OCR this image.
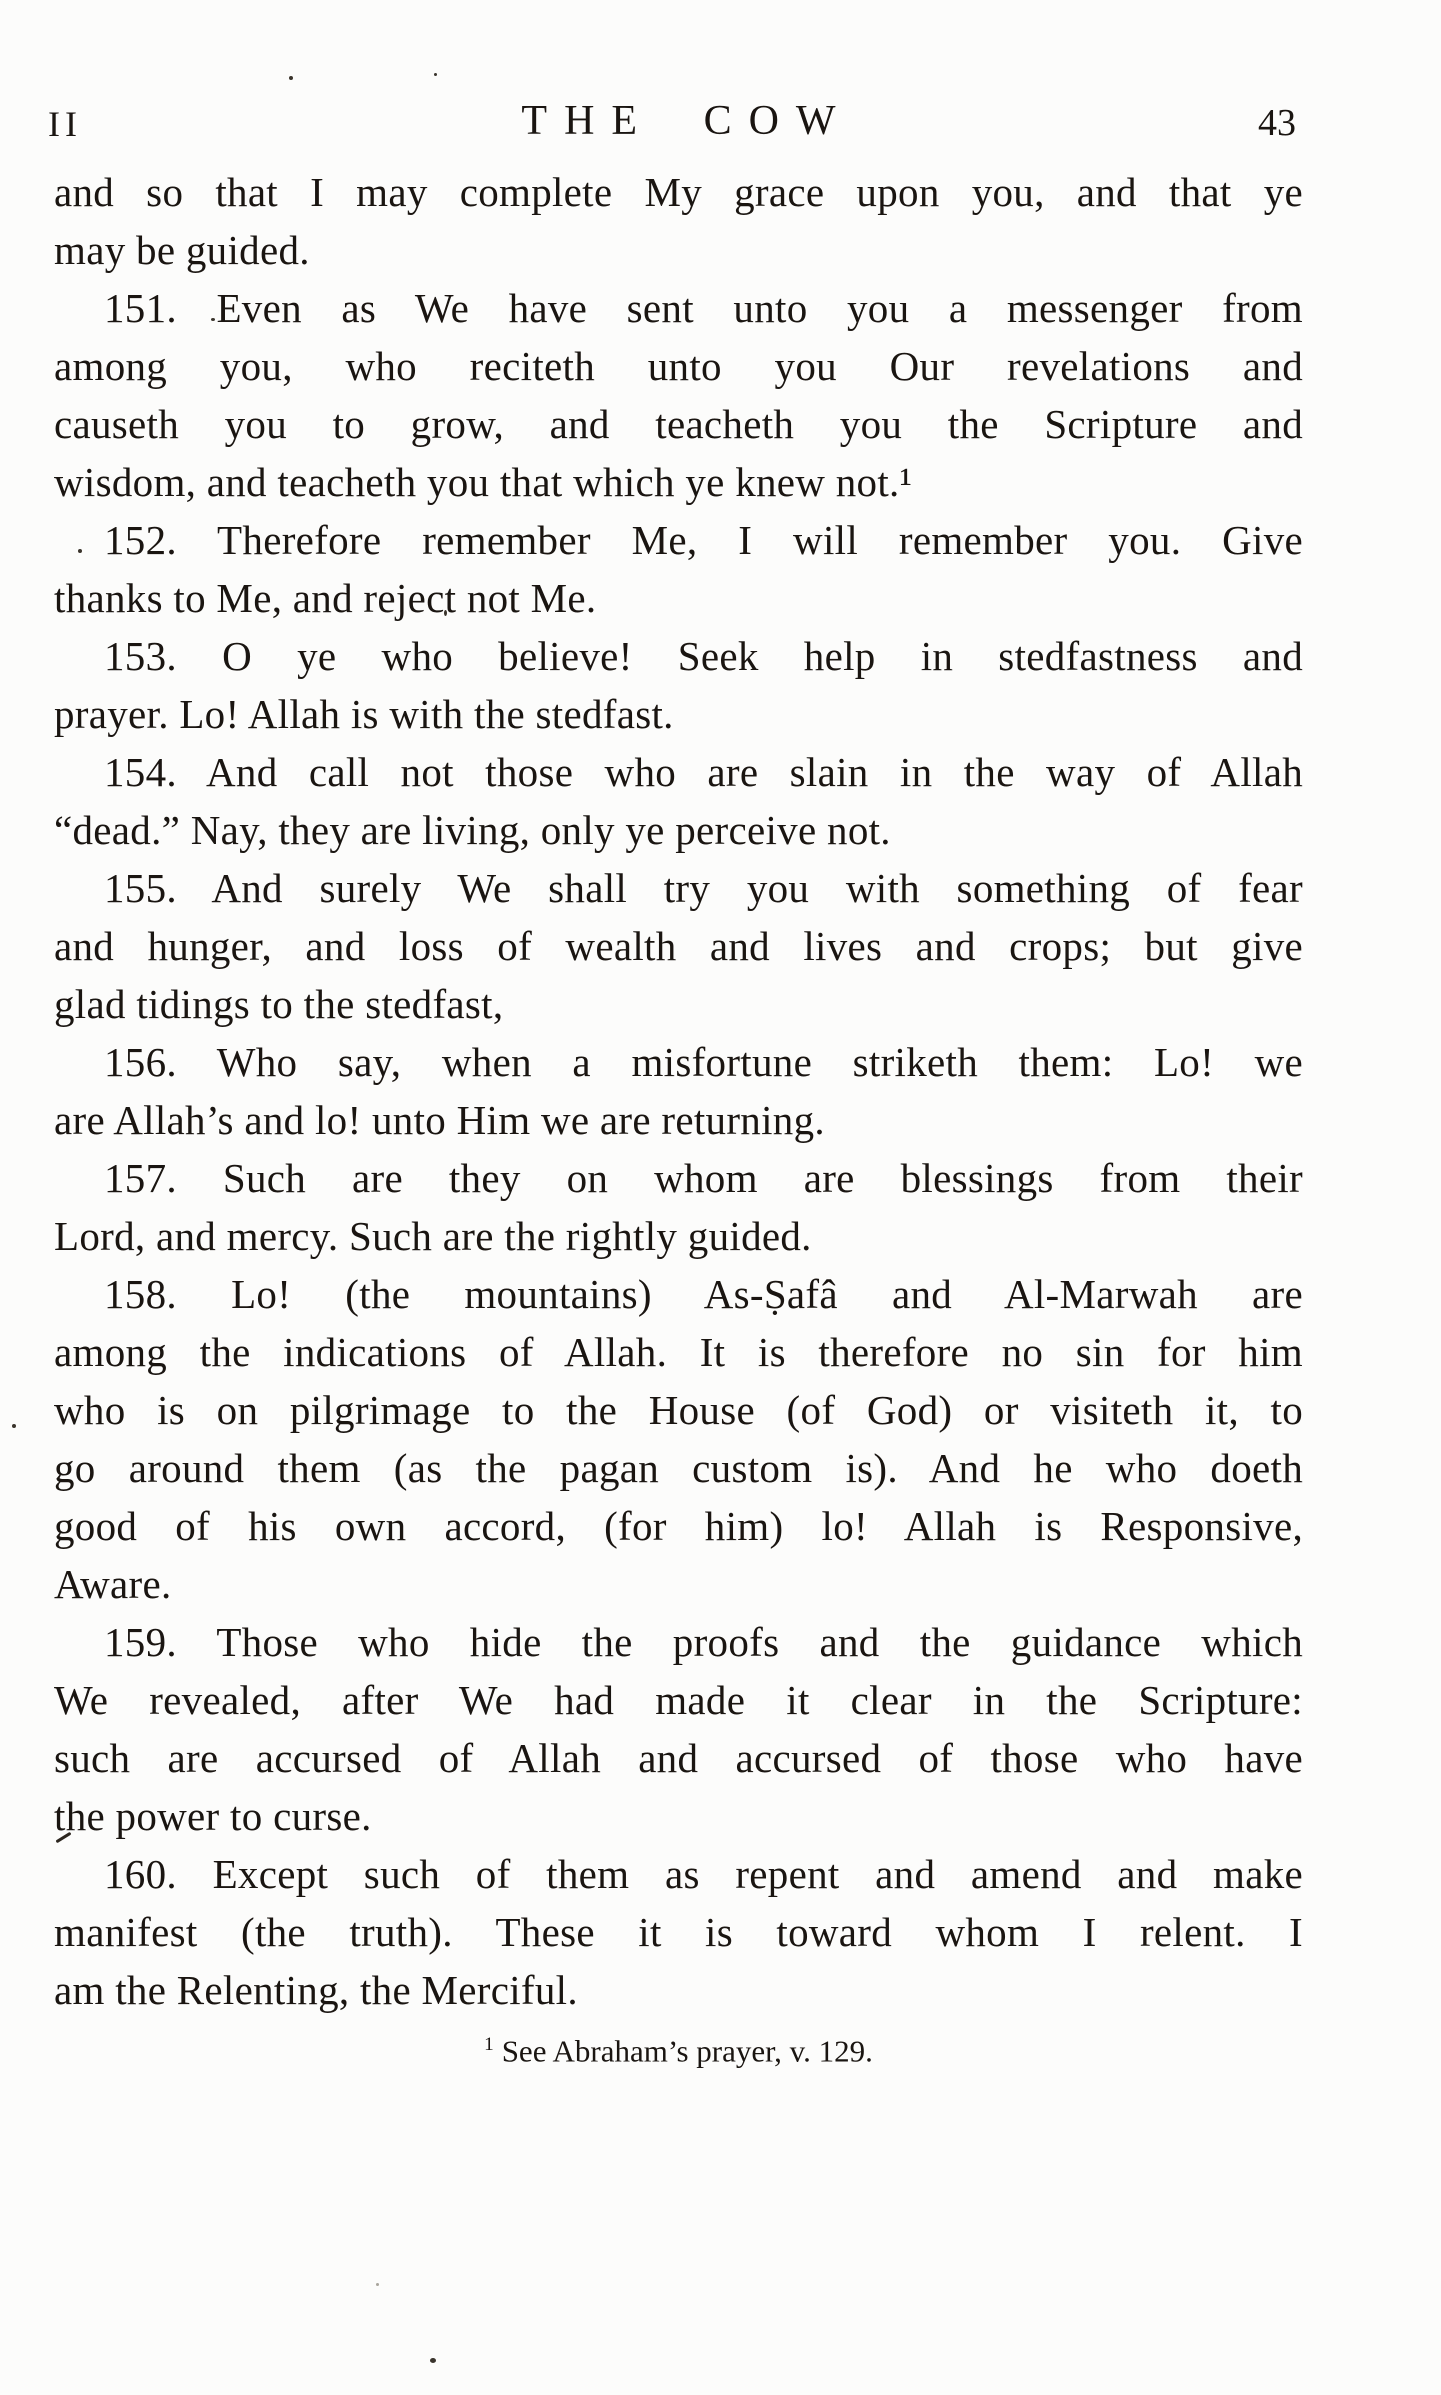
II	THE COW	43
and so that I may complete My grace upon you, and that ye
may be guided.
151. Even as We have sent unto you a messenger from
among you, who reciteth unto you Our revelations and
causeth you to grow, and teacheth you the Scripture and
wisdom, and teacheth you that which ye knew not.¹
152. Therefore remember Me, I will remember you. Give
thanks to Me, and reject not Me.
153. O ye who believe! Seek help in stedfastness and
prayer. Lo! Allah is with the stedfast.
154. And call not those who are slain in the way of Allah
“dead.” Nay, they are living, only ye perceive not.
155. And surely We shall try you with something of fear
and hunger, and loss of wealth and lives and crops; but give
glad tidings to the stedfast,
156. Who say, when a misfortune striketh them: Lo! we
are Allah’s and lo! unto Him we are returning.
157. Such are they on whom are blessings from their
Lord, and mercy. Such are the rightly guided.
158. Lo! (the mountains) As-Ṣafâ and Al-Marwah are
among the indications of Allah. It is therefore no sin for him
who is on pilgrimage to the House (of God) or visiteth it, to
go around them (as the pagan custom is). And he who doeth
good of his own accord, (for him) lo! Allah is Responsive,
Aware.
159. Those who hide the proofs and the guidance which
We revealed, after We had made it clear in the Scripture:
such are accursed of Allah and accursed of those who have
the power to curse.
160. Except such of them as repent and amend and make
manifest (the truth). These it is toward whom I relent. I
am the Relenting, the Merciful.
$^1$ See Abraham’s prayer, v. 129.
